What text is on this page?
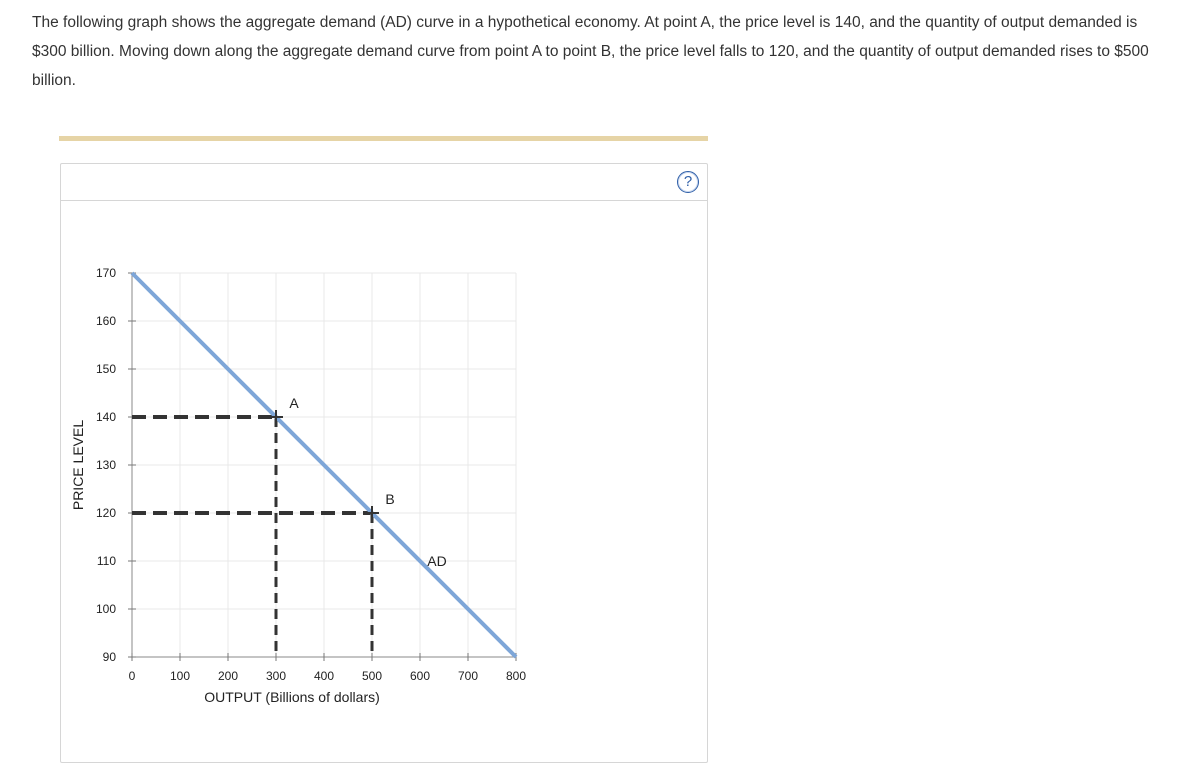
The following graph shows the aggregate demand (AD) curve in a hypothetical economy. At point A, the price level is 140, and the quantity of output demanded is $300 billion. Moving down along the aggregate demand curve from point A to point B, the price level falls to 120, and the quantity of output demanded rises to $500 billion.
?
90
100
110
120
130
140
150
160
170
0	100 200 300 400 500 600 700 800
OUTPUT (Billions of dollars)
PRICE LEVEL
A
B
AD
